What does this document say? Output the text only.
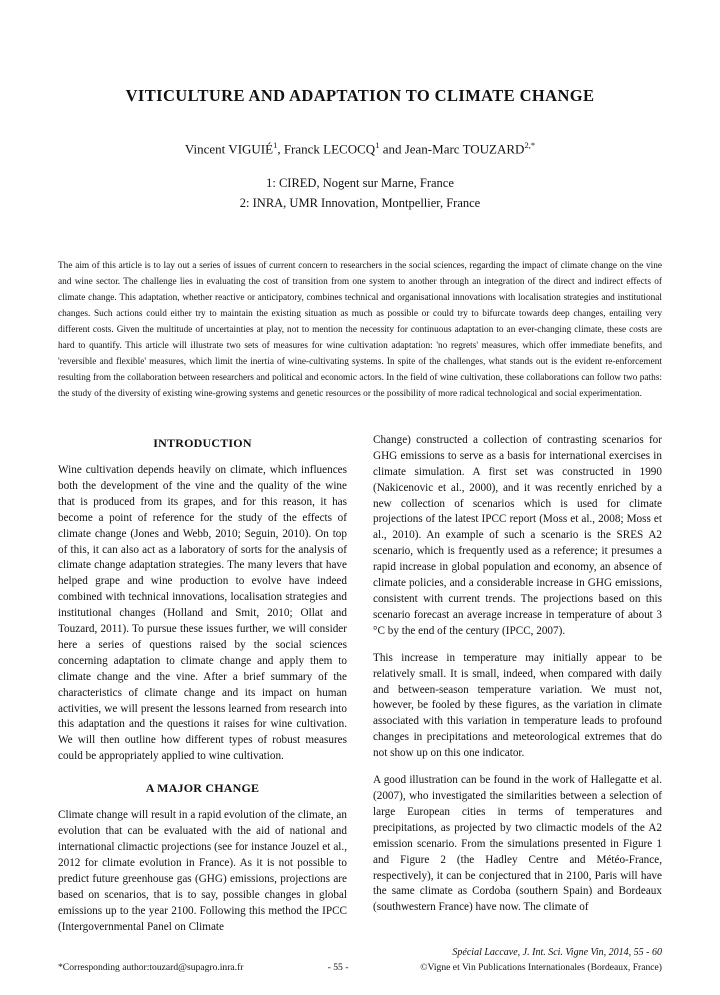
VITICULTURE AND ADAPTATION TO CLIMATE CHANGE
Vincent VIGUIÉ$^1$, Franck LECOCQ$^1$ and Jean-Marc $TOUZARD^{2,*}$
1: CIRED, Nogent sur Marne, France
2: INRA, UMR Innovation, Montpellier, France
The aim of this article is to lay out a series of issues of current concern to researchers in the social sciences, regarding the impact of climate change on the vine and wine sector. The challenge lies in evaluating the cost of transition from one system to another through an integration of the direct and indirect effects of climate change. This adaptation, whether reactive or anticipatory, combines technical and organisational innovations with localisation strategies and institutional changes. Such actions could either try to maintain the existing situation as much as possible or could try to bifurcate towards deep changes, entailing very different costs. Given the multitude of uncertainties at play, not to mention the necessity for continuous adaptation to an ever-changing climate, these costs are hard to quantify. This article will illustrate two sets of measures for wine cultivation adaptation: 'no regrets' measures, which offer immediate benefits, and 'reversible and flexible' measures, which limit the inertia of wine-cultivating systems. In spite of the challenges, what stands out is the evident re-enforcement resulting from the collaboration between researchers and political and economic actors. In the field of wine cultivation, these collaborations can follow two paths: the study of the diversity of existing wine-growing systems and genetic resources or the possibility of more radical technological and social experimentation.
INTRODUCTION

Wine cultivation depends heavily on climate, which influences both the development of the vine and the quality of the wine that is produced from its grapes, and for this reason, it has become a point of reference for the study of the effects of climate change (Jones and Webb, 2010; Seguin, 2010). On top of this, it can also act as a laboratory of sorts for the analysis of climate change adaptation strategies. The many levers that have helped grape and wine production to evolve have indeed combined with technical innovations, localisation strategies and institutional changes (Holland and Smit, 2010; Ollat and Touzard, 2011). To pursue these issues further, we will consider here a series of questions raised by the social sciences concerning adaptation to climate change and apply them to climate change and the vine. After a brief summary of the characteristics of climate change and its impact on human activities, we will present the lessons learned from research into this adaptation and the questions it raises for wine cultivation. We will then outline how different types of robust measures could be appropriately applied to wine cultivation.

A MAJOR CHANGE

Climate change will result in a rapid evolution of the climate, an evolution that can be evaluated with the aid of national and international climactic projections (see for instance Jouzel et al., 2012 for climate evolution in France). As it is not possible to predict future greenhouse gas (GHG) emissions, projections are based on scenarios, that is to say, possible changes in global emissions up to the year 2100. Following this method the IPCC (Intergovernmental Panel on Climate

Change) constructed a collection of contrasting scenarios for GHG emissions to serve as a basis for international exercises in climate simulation. A first set was constructed in 1990 (Nakicenovic et al., 2000), and it was recently enriched by a new collection of scenarios which is used for climate projections of the latest IPCC report (Moss et al., 2008; Moss et al., 2010). An example of such a scenario is the SRES A2 scenario, which is frequently used as a reference; it presumes a rapid increase in global population and economy, an absence of climate policies, and a considerable increase in GHG emissions, consistent with current trends. The projections based on this scenario forecast an average increase in temperature of about 3 °C by the end of the century (IPCC, 2007).

This increase in temperature may initially appear to be relatively small. It is small, indeed, when compared with daily and between-season temperature variation. We must not, however, be fooled by these figures, as the variation in climate associated with this variation in temperature leads to profound changes in precipitations and meteorological extremes that do not show up on this one indicator.

A good illustration can be found in the work of Hallegatte et al. (2007), who investigated the similarities between a selection of large European cities in terms of temperatures and precipitations, as projected by two climactic models of the A2 emission scenario. From the simulations presented in Figure 1 and Figure 2 (the Hadley Centre and Météo-France, respectively), it can be conjectured that in 2100, Paris will have the same climate as Cordoba (southern Spain) and Bordeaux (southwestern France) have now. The climate of

Spécial Laccave, J. Int. Sci. Vigne Vin, 2014, 55 - 60
*Corresponding author:touzard@supagro.inra.fr	- 55 -	©Vigne et Vin Publications Internationales (Bordeaux, France)
